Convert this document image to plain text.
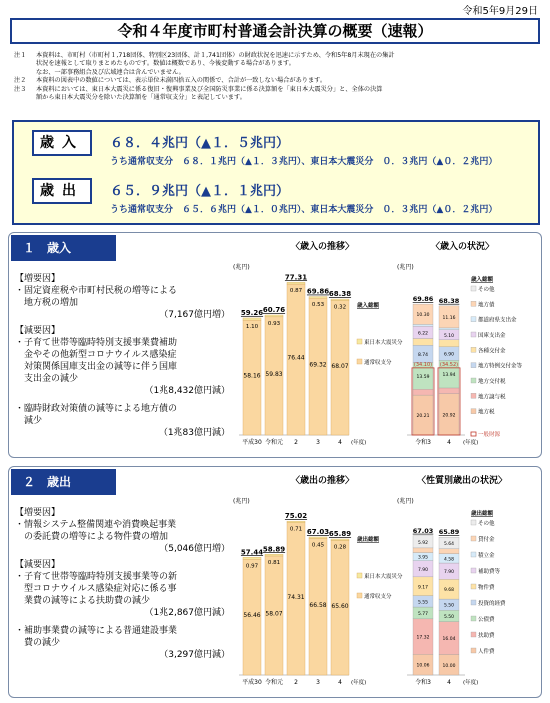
令和5年9月29日
令和４年度市町村普通会計決算の概要（速報）
注１ 本資料は、市町村（市町村１,718団体、特別区23団体、計１,741団体）の財政状況を迅速に示すため、令和5年8月末現在の集計
状況を速報として取りまとめたものです。数値は概数であり、今後変動する場合があります。
なお、一部事務組合及び広域連合は含んでいません。
注２ 本資料の図表中の数値については、表示単位未満四捨五入の関係で、合計が一致しない場合があります。
注３ 本資料においては、東日本大震災に係る復旧・復興事業及び全国防災事業に係る決算額を「東日本大震災分」と、全体の決算
額から東日本大震災分を除いた決算額を「通常収支分」と表記しています。
歳入	６８．４兆円（▲１．５兆円）
うち通常収支分　６８．１兆円（▲１．３兆円）、東日本大震災分　０．３兆円（▲０．２兆円）
歳出	６５．９兆円（▲１．１兆円）
うち通常収支分　６５．６兆円（▲１．０兆円）、東日本大震災分　０．３兆円（▲０．２兆円）
１　歳入
【増要因】
・固定資産税や市町村民税の増等による
　地方税の増加
（7,167億円増）
【減要因】
・子育て世帯等臨時特別支援事業費補助
　金やその他新型コロナウイルス感染症
　対策関係国庫支出金の減等に伴う国庫
　支出金の減少
（1兆8,432億円減）
・臨時財政対策債の減等による地方債の
　減少
（1兆83億円減）
〈歳入の推移〉	〈歳入の状況〉
(兆円)
58.16
1.10
59.26
平成30
59.83
0.93
60.76
令和元
76.44
0.87
77.31
2
69.32
0.53
69.86
3
68.07
0.32
68.38
4 (年度)
歳入総額
東日本大震災分
通常収支分
(兆円)
20.21
13.59
8.74
6.22
10.30
69.86
令和3
(34.10)
20.92
13.94
6.90
5.10
11.16
68.38
4
(34.52)
(年度)
歳入総額
その他
地方債
都道府県支出金
国庫支出金
各種交付金
地方特例交付金等
地方交付税
地方譲与税
地方税
一般財源
２　歳出
【増要因】
・情報システム整備関連や消費喚起事業
　の委託費の増等による物件費の増加
（5,046億円増）
【減要因】
・子育て世帯等臨時特別支援事業等の新
　型コロナウイルス感染症対応に係る事
　業費の減等による扶助費の減少
（1兆2,867億円減）
・補助事業費の減等による普通建設事業
　費の減少
（3,297億円減）
〈歳出の推移〉	〈性質別歳出の状況〉
(兆円)
56.46
0.97
57.44
平成30
58.07
0.81
58.89
令和元
74.31
0.71
75.02
2
66.58
0.45
67.03
3
65.60
0.28
65.89
4 (年度)
歳出総額
東日本大震災分
通常収支分
(兆円)
10.06
17.32
5.77
5.55
9.17
7.90
3.95
5.92
67.03
令和3
10.00
16.04
5.50
5.50
9.68
7.90
4.58
5.64
65.89
4 (年度)
歳出総額
その他
貸付金
積立金
補助費等
物件費
投資的経費
公債費
扶助費
人件費
